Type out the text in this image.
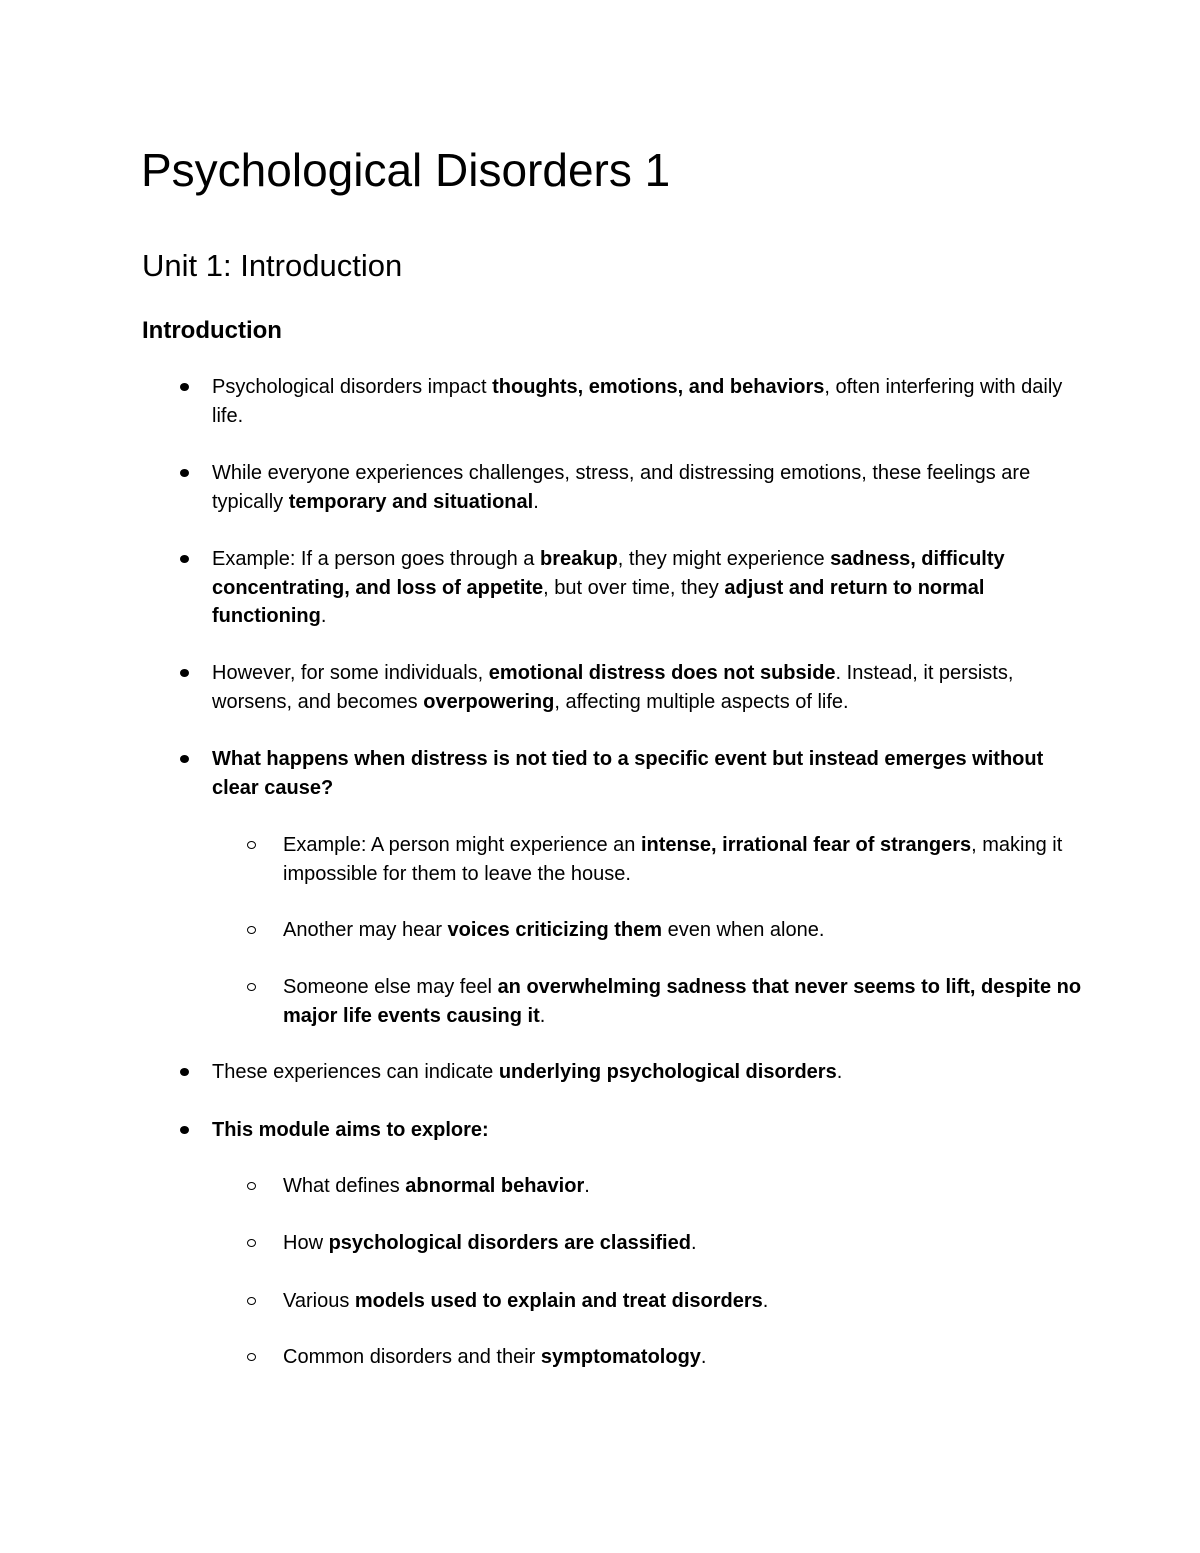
Psychological Disorders 1
Unit 1: Introduction
Introduction
Psychological disorders impact thoughts, emotions, and behaviors, often interfering with daily life.
While everyone experiences challenges, stress, and distressing emotions, these feelings are typically temporary and situational.
Example: If a person goes through a breakup, they might experience sadness, difficulty concentrating, and loss of appetite, but over time, they adjust and return to normal functioning.
However, for some individuals, emotional distress does not subside. Instead, it persists, worsens, and becomes overpowering, affecting multiple aspects of life.
What happens when distress is not tied to a specific event but instead emerges without clear cause?
Example: A person might experience an intense, irrational fear of strangers, making it impossible for them to leave the house.
Another may hear voices criticizing them even when alone.
Someone else may feel an overwhelming sadness that never seems to lift, despite no major life events causing it.
These experiences can indicate underlying psychological disorders.
This module aims to explore:
What defines abnormal behavior.
How psychological disorders are classified.
Various models used to explain and treat disorders.
Common disorders and their symptomatology.
